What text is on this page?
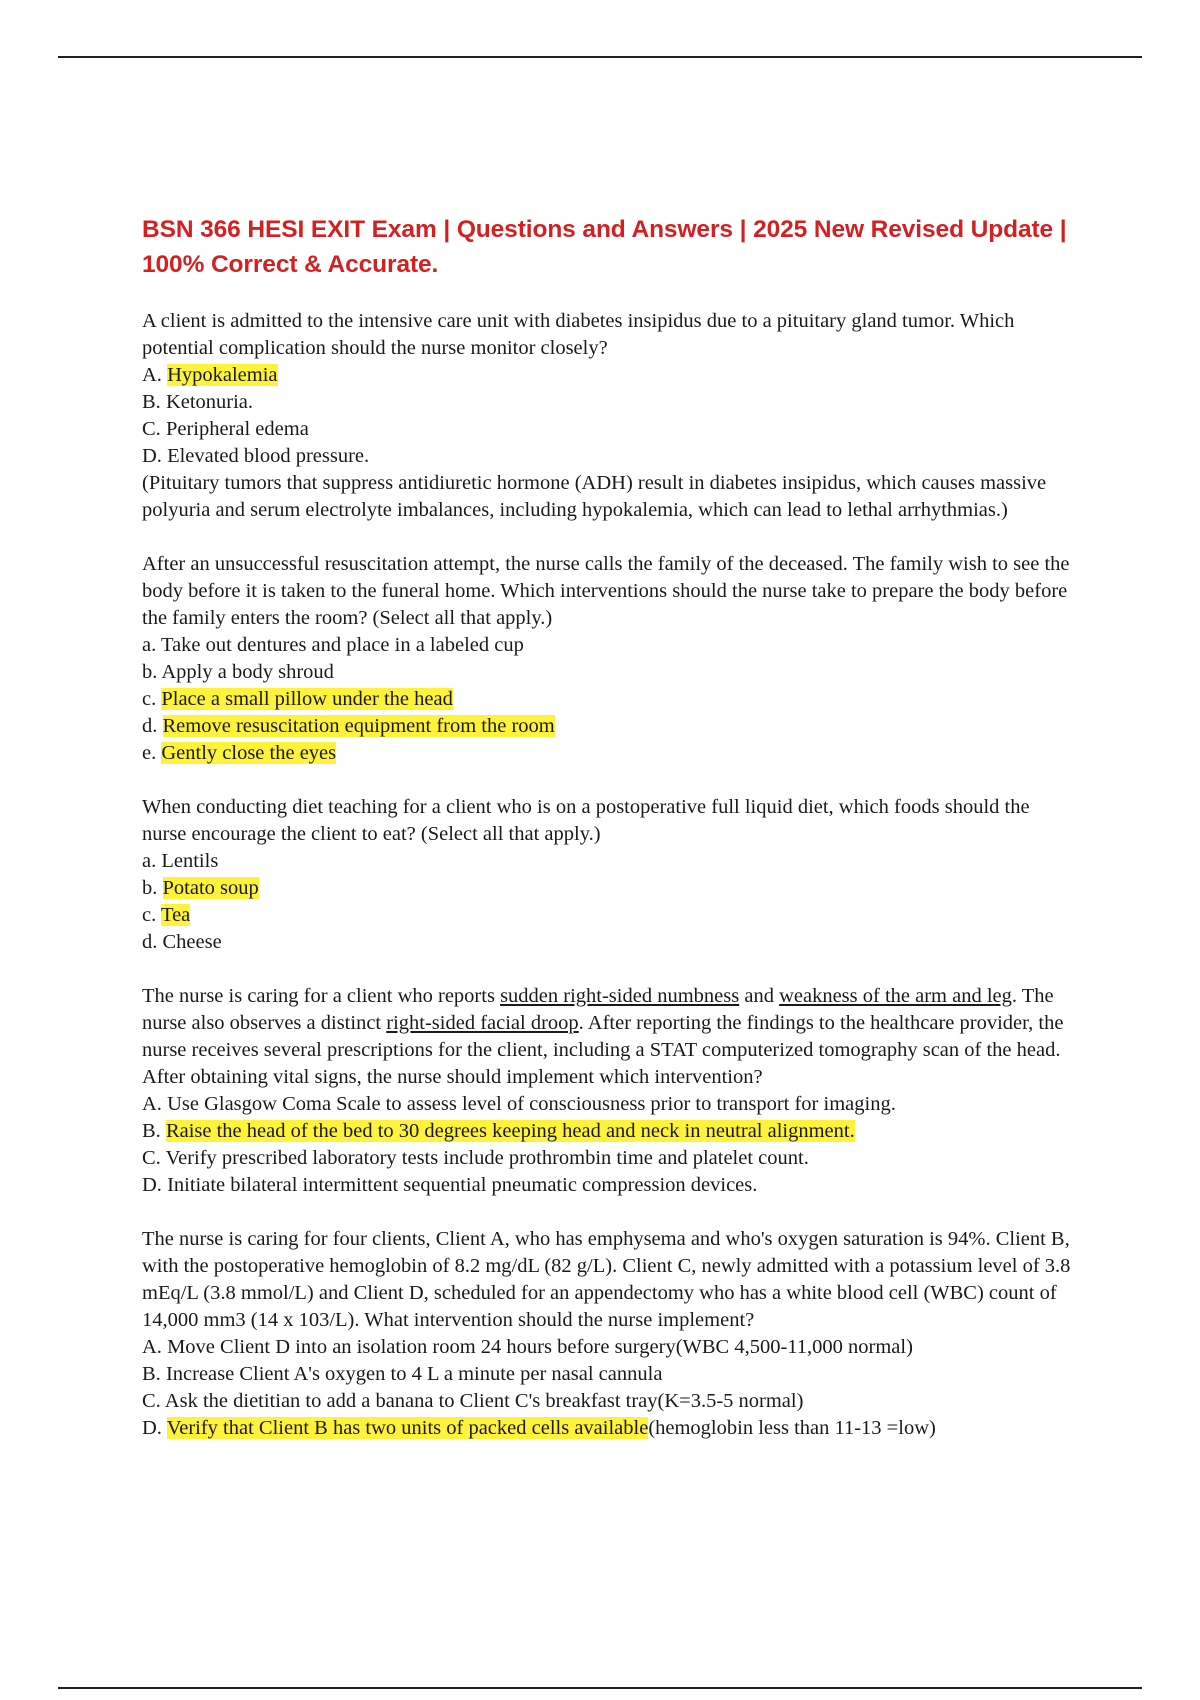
BSN 366 HESI EXIT Exam | Questions and Answers | 2025 New Revised Update | 100% Correct & Accurate.

A client is admitted to the intensive care unit with diabetes insipidus due to a pituitary gland tumor. Which potential complication should the nurse monitor closely?

A. Hypokalemia

B. Ketonuria.

C. Peripheral edema

D. Elevated blood pressure.

(Pituitary tumors that suppress antidiuretic hormone (ADH) result in diabetes insipidus, which causes massive polyuria and serum electrolyte imbalances, including hypokalemia, which can lead to lethal arrhythmias.)

After an unsuccessful resuscitation attempt, the nurse calls the family of the deceased. The family wish to see the body before it is taken to the funeral home. Which interventions should the nurse take to prepare the body before the family enters the room? (Select all that apply.)

a. Take out dentures and place in a labeled cup

b. Apply a body shroud

c. Place a small pillow under the head

d. Remove resuscitation equipment from the room

e. Gently close the eyes

When conducting diet teaching for a client who is on a postoperative full liquid diet, which foods should the nurse encourage the client to eat? (Select all that apply.)

a. Lentils

b. Potato soup

c. Tea

d. Cheese

The nurse is caring for a client who reports sudden right-sided numbness and weakness of the arm and leg. The nurse also observes a distinct right-sided facial droop. After reporting the findings to the healthcare provider, the nurse receives several prescriptions for the client, including a STAT computerized tomography scan of the head. After obtaining vital signs, the nurse should implement which intervention?

A. Use Glasgow Coma Scale to assess level of consciousness prior to transport for imaging.

B. Raise the head of the bed to 30 degrees keeping head and neck in neutral alignment.

C. Verify prescribed laboratory tests include prothrombin time and platelet count.

D. Initiate bilateral intermittent sequential pneumatic compression devices.

The nurse is caring for four clients, Client A, who has emphysema and who's oxygen saturation is 94%. Client B, with the postoperative hemoglobin of 8.2 mg/dL (82 g/L). Client C, newly admitted with a potassium level of 3.8 mEq/L (3.8 mmol/L) and Client D, scheduled for an appendectomy who has a white blood cell (WBC) count of 14,000 mm3 (14 x 103/L). What intervention should the nurse implement?

A. Move Client D into an isolation room 24 hours before surgery(WBC 4,500-11,000 normal)

B. Increase Client A's oxygen to 4 L a minute per nasal cannula

C. Ask the dietitian to add a banana to Client C's breakfast tray(K=3.5-5 normal)

D. Verify that Client B has two units of packed cells available(hemoglobin less than 11-13 =low)
